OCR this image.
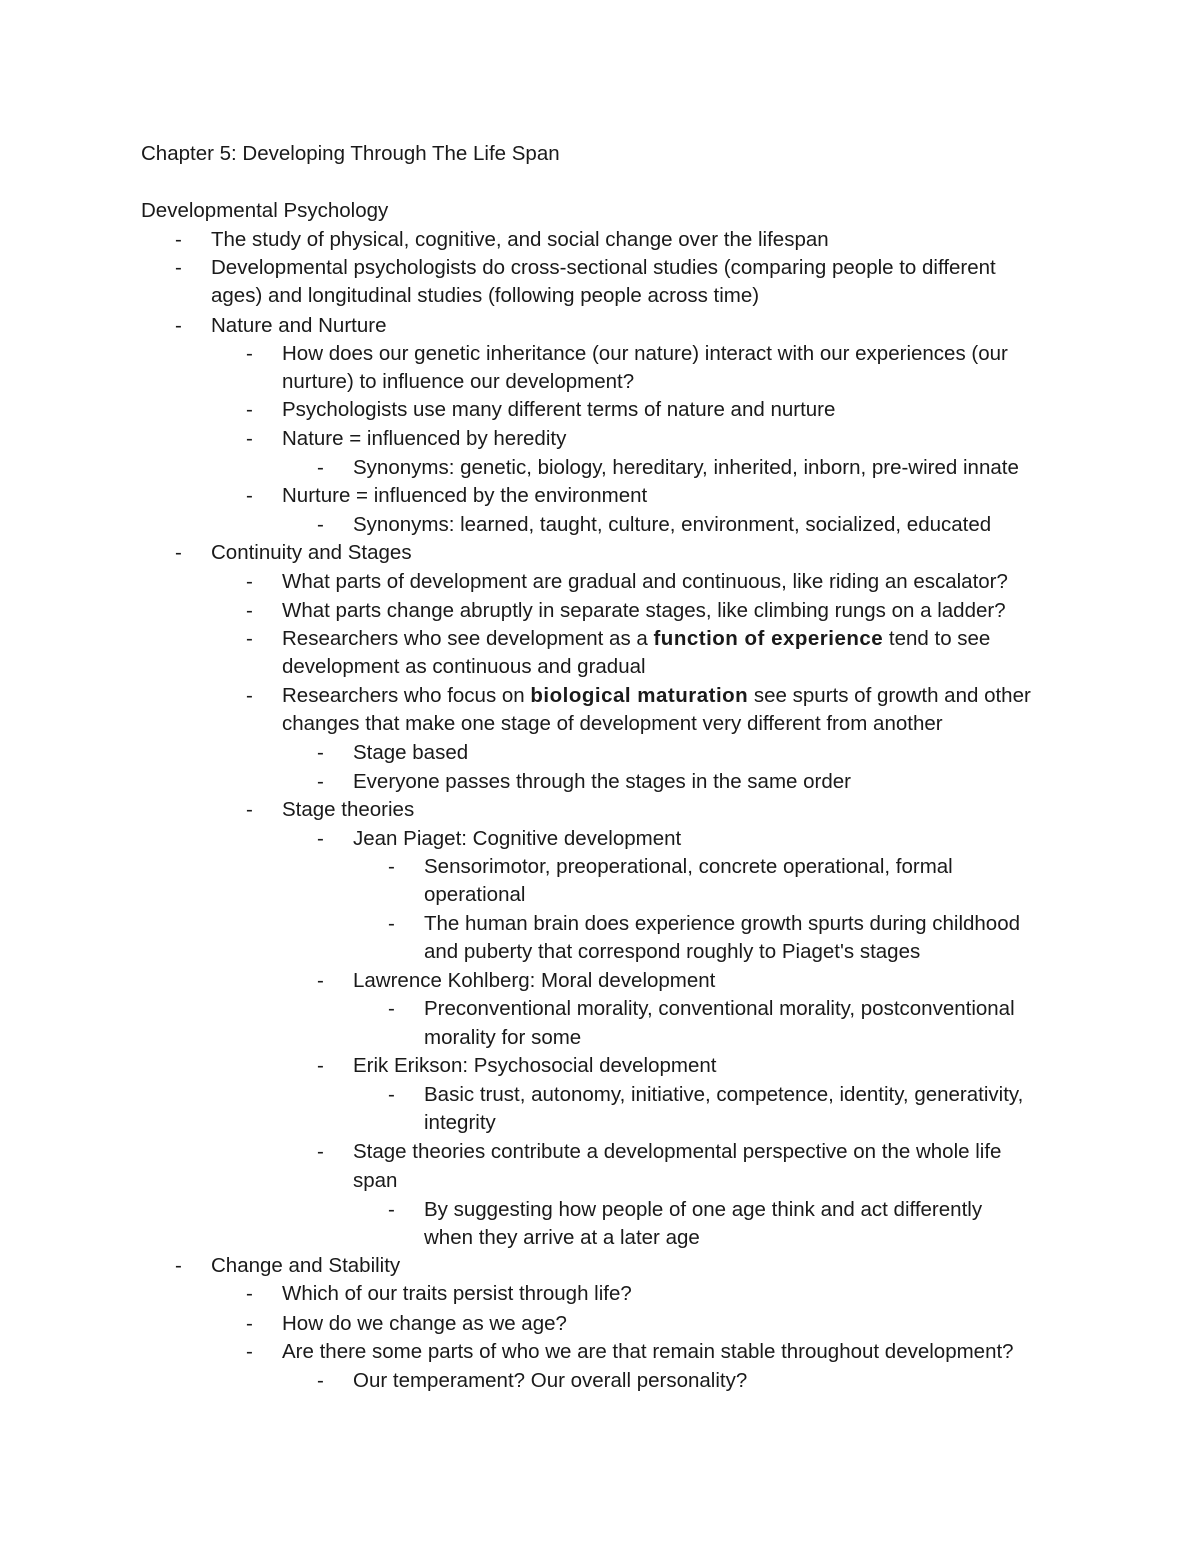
Chapter 5: Developing Through The Life Span
Developmental Psychology
- The study of physical, cognitive, and social change over the lifespan
- Developmental psychologists do cross-sectional studies (comparing people to different
ages) and longitudinal studies (following people across time)
- Nature and Nurture
- How does our genetic inheritance (our nature) interact with our experiences (our
nurture) to influence our development?
- Psychologists use many different terms of nature and nurture
- Nature = influenced by heredity
- Synonyms: genetic, biology, hereditary, inherited, inborn, pre-wired innate
- Nurture = influenced by the environment
- Synonyms: learned, taught, culture, environment, socialized, educated
- Continuity and Stages
- What parts of development are gradual and continuous, like riding an escalator?
- What parts change abruptly in separate stages, like climbing rungs on a ladder?
- Researchers who see development as a function of experience tend to see
development as continuous and gradual
- Researchers who focus on biological maturation see spurts of growth and other
changes that make one stage of development very different from another
- Stage based
- Everyone passes through the stages in the same order
- Stage theories
- Jean Piaget: Cognitive development
- Sensorimotor, preoperational, concrete operational, formal
operational
- The human brain does experience growth spurts during childhood
and puberty that correspond roughly to Piaget's stages
- Lawrence Kohlberg: Moral development
- Preconventional morality, conventional morality, postconventional
morality for some
- Erik Erikson: Psychosocial development
- Basic trust, autonomy, initiative, competence, identity, generativity,
integrity
- Stage theories contribute a developmental perspective on the whole life
span
- By suggesting how people of one age think and act differently
when they arrive at a later age
- Change and Stability
- Which of our traits persist through life?
- How do we change as we age?
- Are there some parts of who we are that remain stable throughout development?
- Our temperament? Our overall personality?
